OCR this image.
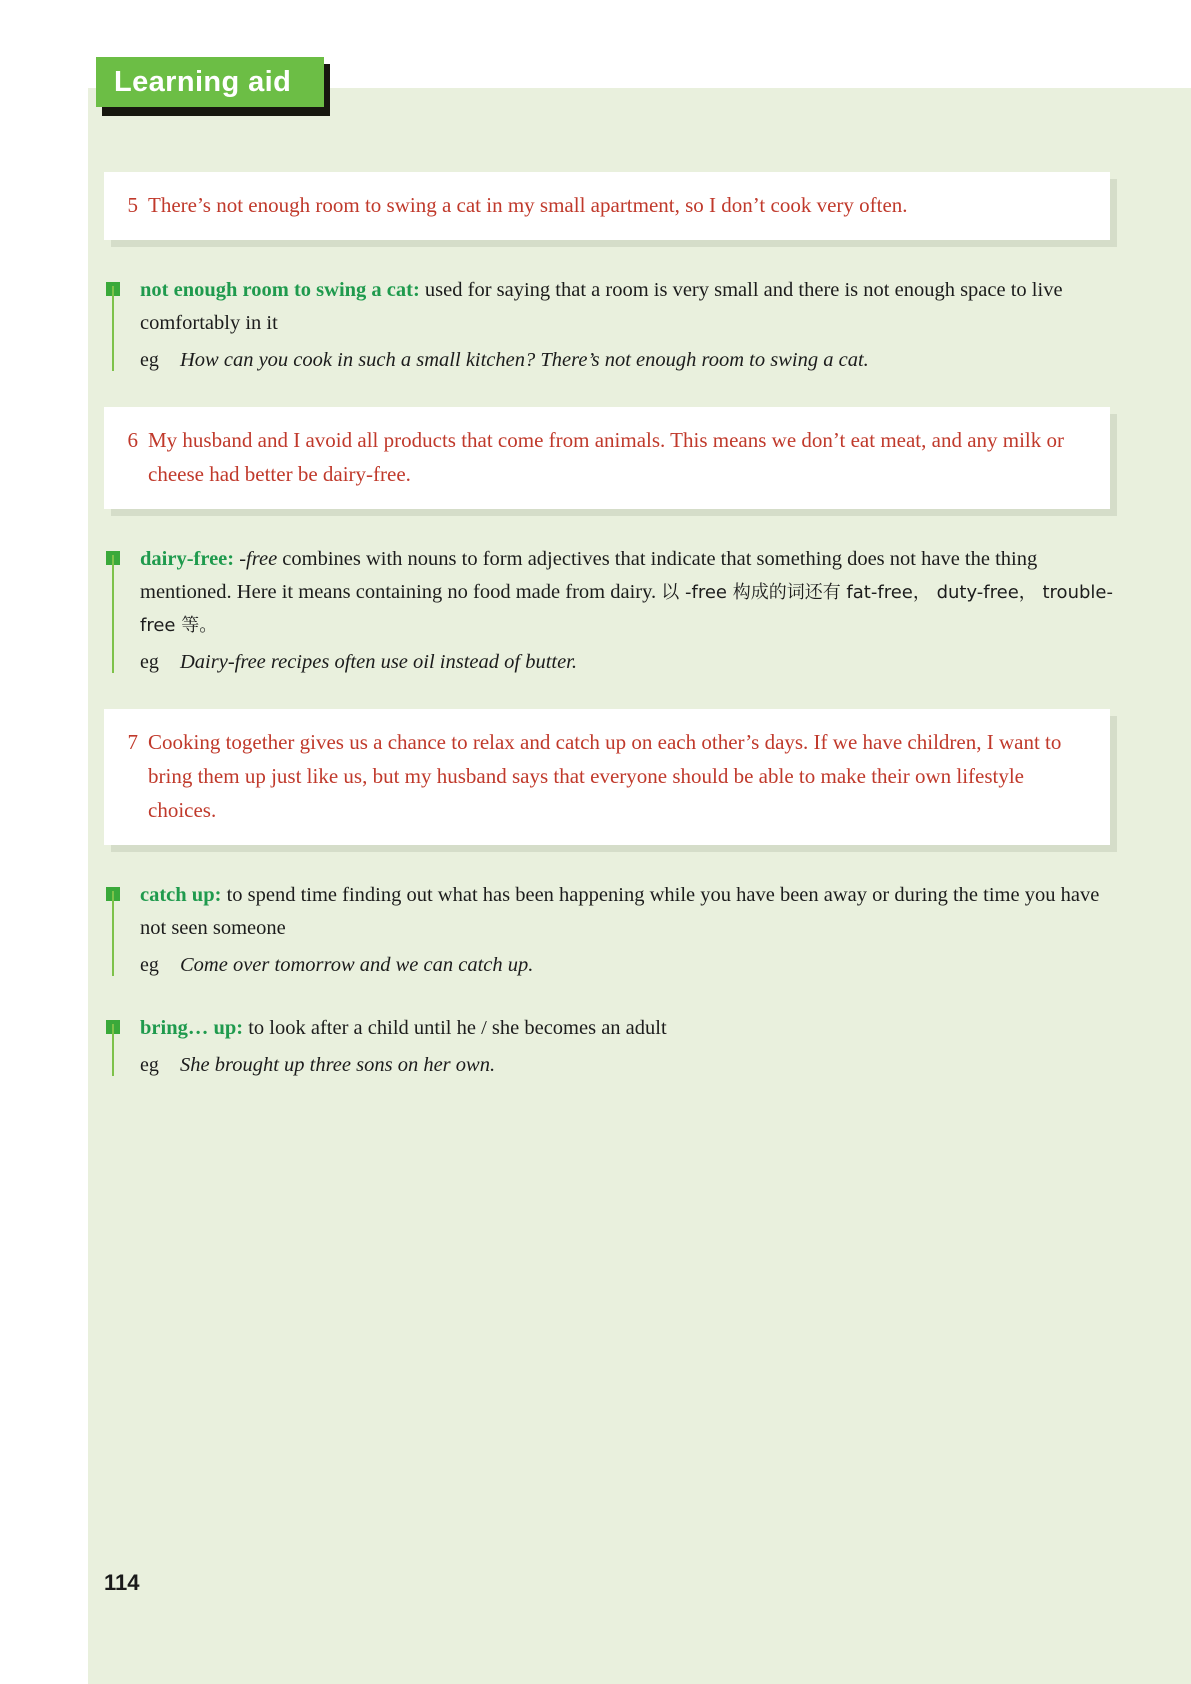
Learning aid
5 There’s not enough room to swing a cat in my small apartment, so I don’t cook very often.
not enough room to swing a cat: used for saying that a room is very small and there is not enough space to live comfortably in it
eg	How can you cook in such a small kitchen? There’s not enough room to swing a cat.
6 My husband and I avoid all products that come from animals. This means we don’t eat meat, and any milk or cheese had better be dairy-free.
dairy-free: -free combines with nouns to form adjectives that indicate that something does not have the thing mentioned. Here it means containing no food made from dairy. 以 -free 构成的词还有 fat-free， duty-free， trouble-free 等。
eg	Dairy-free recipes often use oil instead of butter.
7 Cooking together gives us a chance to relax and catch up on each other’s days. If we have children, I want to bring them up just like us, but my husband says that everyone should be able to make their own lifestyle choices.
catch up: to spend time finding out what has been happening while you have been away or during the time you have not seen someone
eg	Come over tomorrow and we can catch up.
bring… up: to look after a child until he / she becomes an adult
eg	She brought up three sons on her own.
114
